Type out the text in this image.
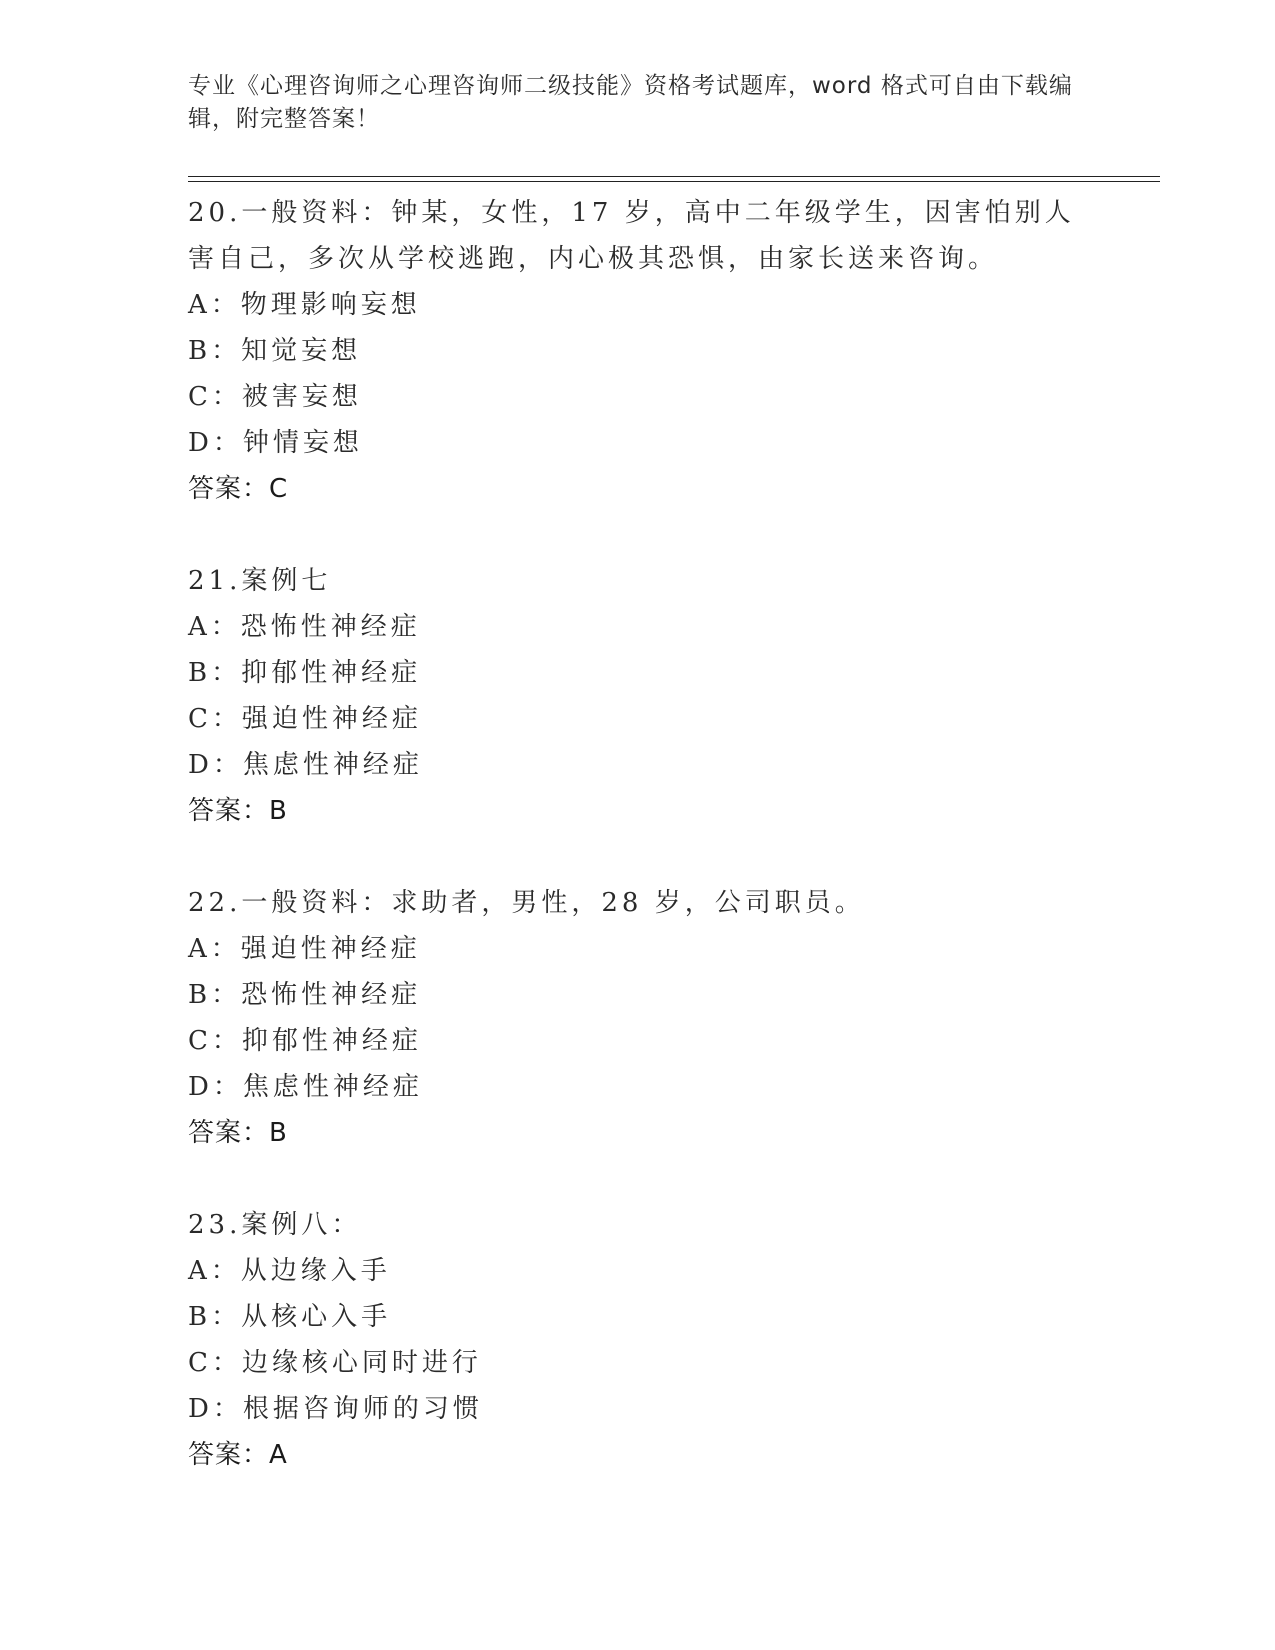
专业《心理咨询师之心理咨询师二级技能》资格考试题库，word 格式可自由下载编辑，附完整答案！
20.一般资料：钟某，女性，17 岁，高中二年级学生，因害怕别人害自己，多次从学校逃跑，内心极其恐惧，由家长送来咨询。
A：物理影响妄想
B：知觉妄想
C：被害妄想
D：钟情妄想
答案：C
21.案例七
A：恐怖性神经症
B：抑郁性神经症
C：强迫性神经症
D：焦虑性神经症
答案：B
22.一般资料：求助者，男性，28 岁，公司职员。
A：强迫性神经症
B：恐怖性神经症
C：抑郁性神经症
D：焦虑性神经症
答案：B
23.案例八：
A：从边缘入手
B：从核心入手
C：边缘核心同时进行
D：根据咨询师的习惯
答案：A
